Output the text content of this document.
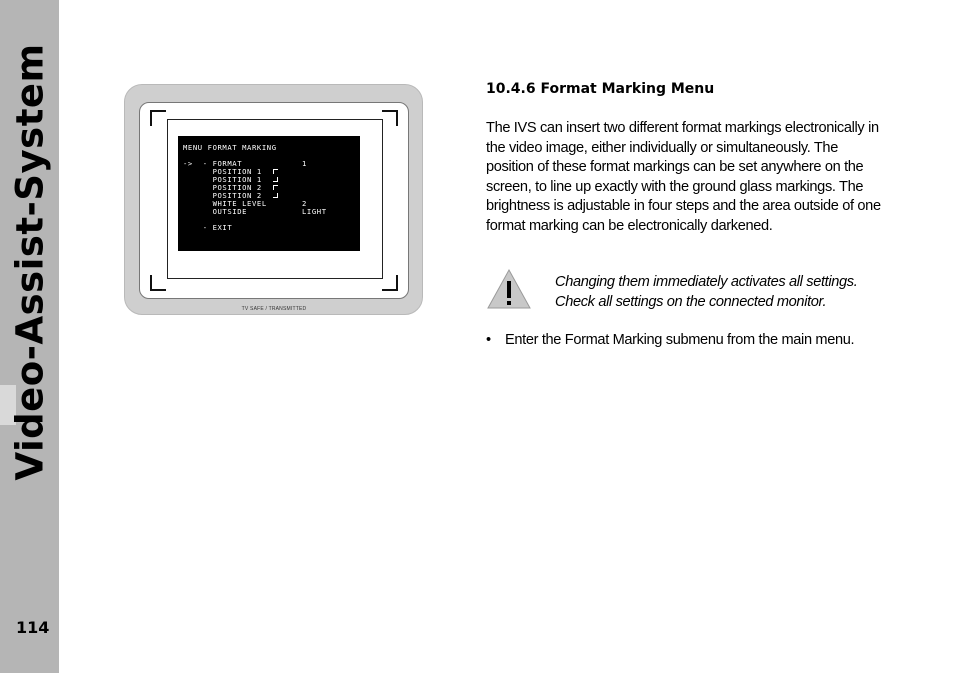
Video-Assist-System
114
MENU FORMAT MARKING
->  - FORMAT	1
POSITION 1
POSITION 1
POSITION 2
POSITION 2
WHITE LEVEL	2
OUTSIDE	LIGHT
- EXIT
TV SAFE / TRANSMITTED
10.4.6 Format Marking Menu
The IVS can insert two different format markings electronically in the video image, either individually or simultaneously. The position of these format markings can be set anywhere on the screen, to line up exactly with the ground glass markings. The brightness is adjustable in four steps and the area outside of one format marking can be electronically darkened.
Changing them immediately activates all settings.
Check all settings on the connected monitor.
• Enter the Format Marking submenu from the main menu.
